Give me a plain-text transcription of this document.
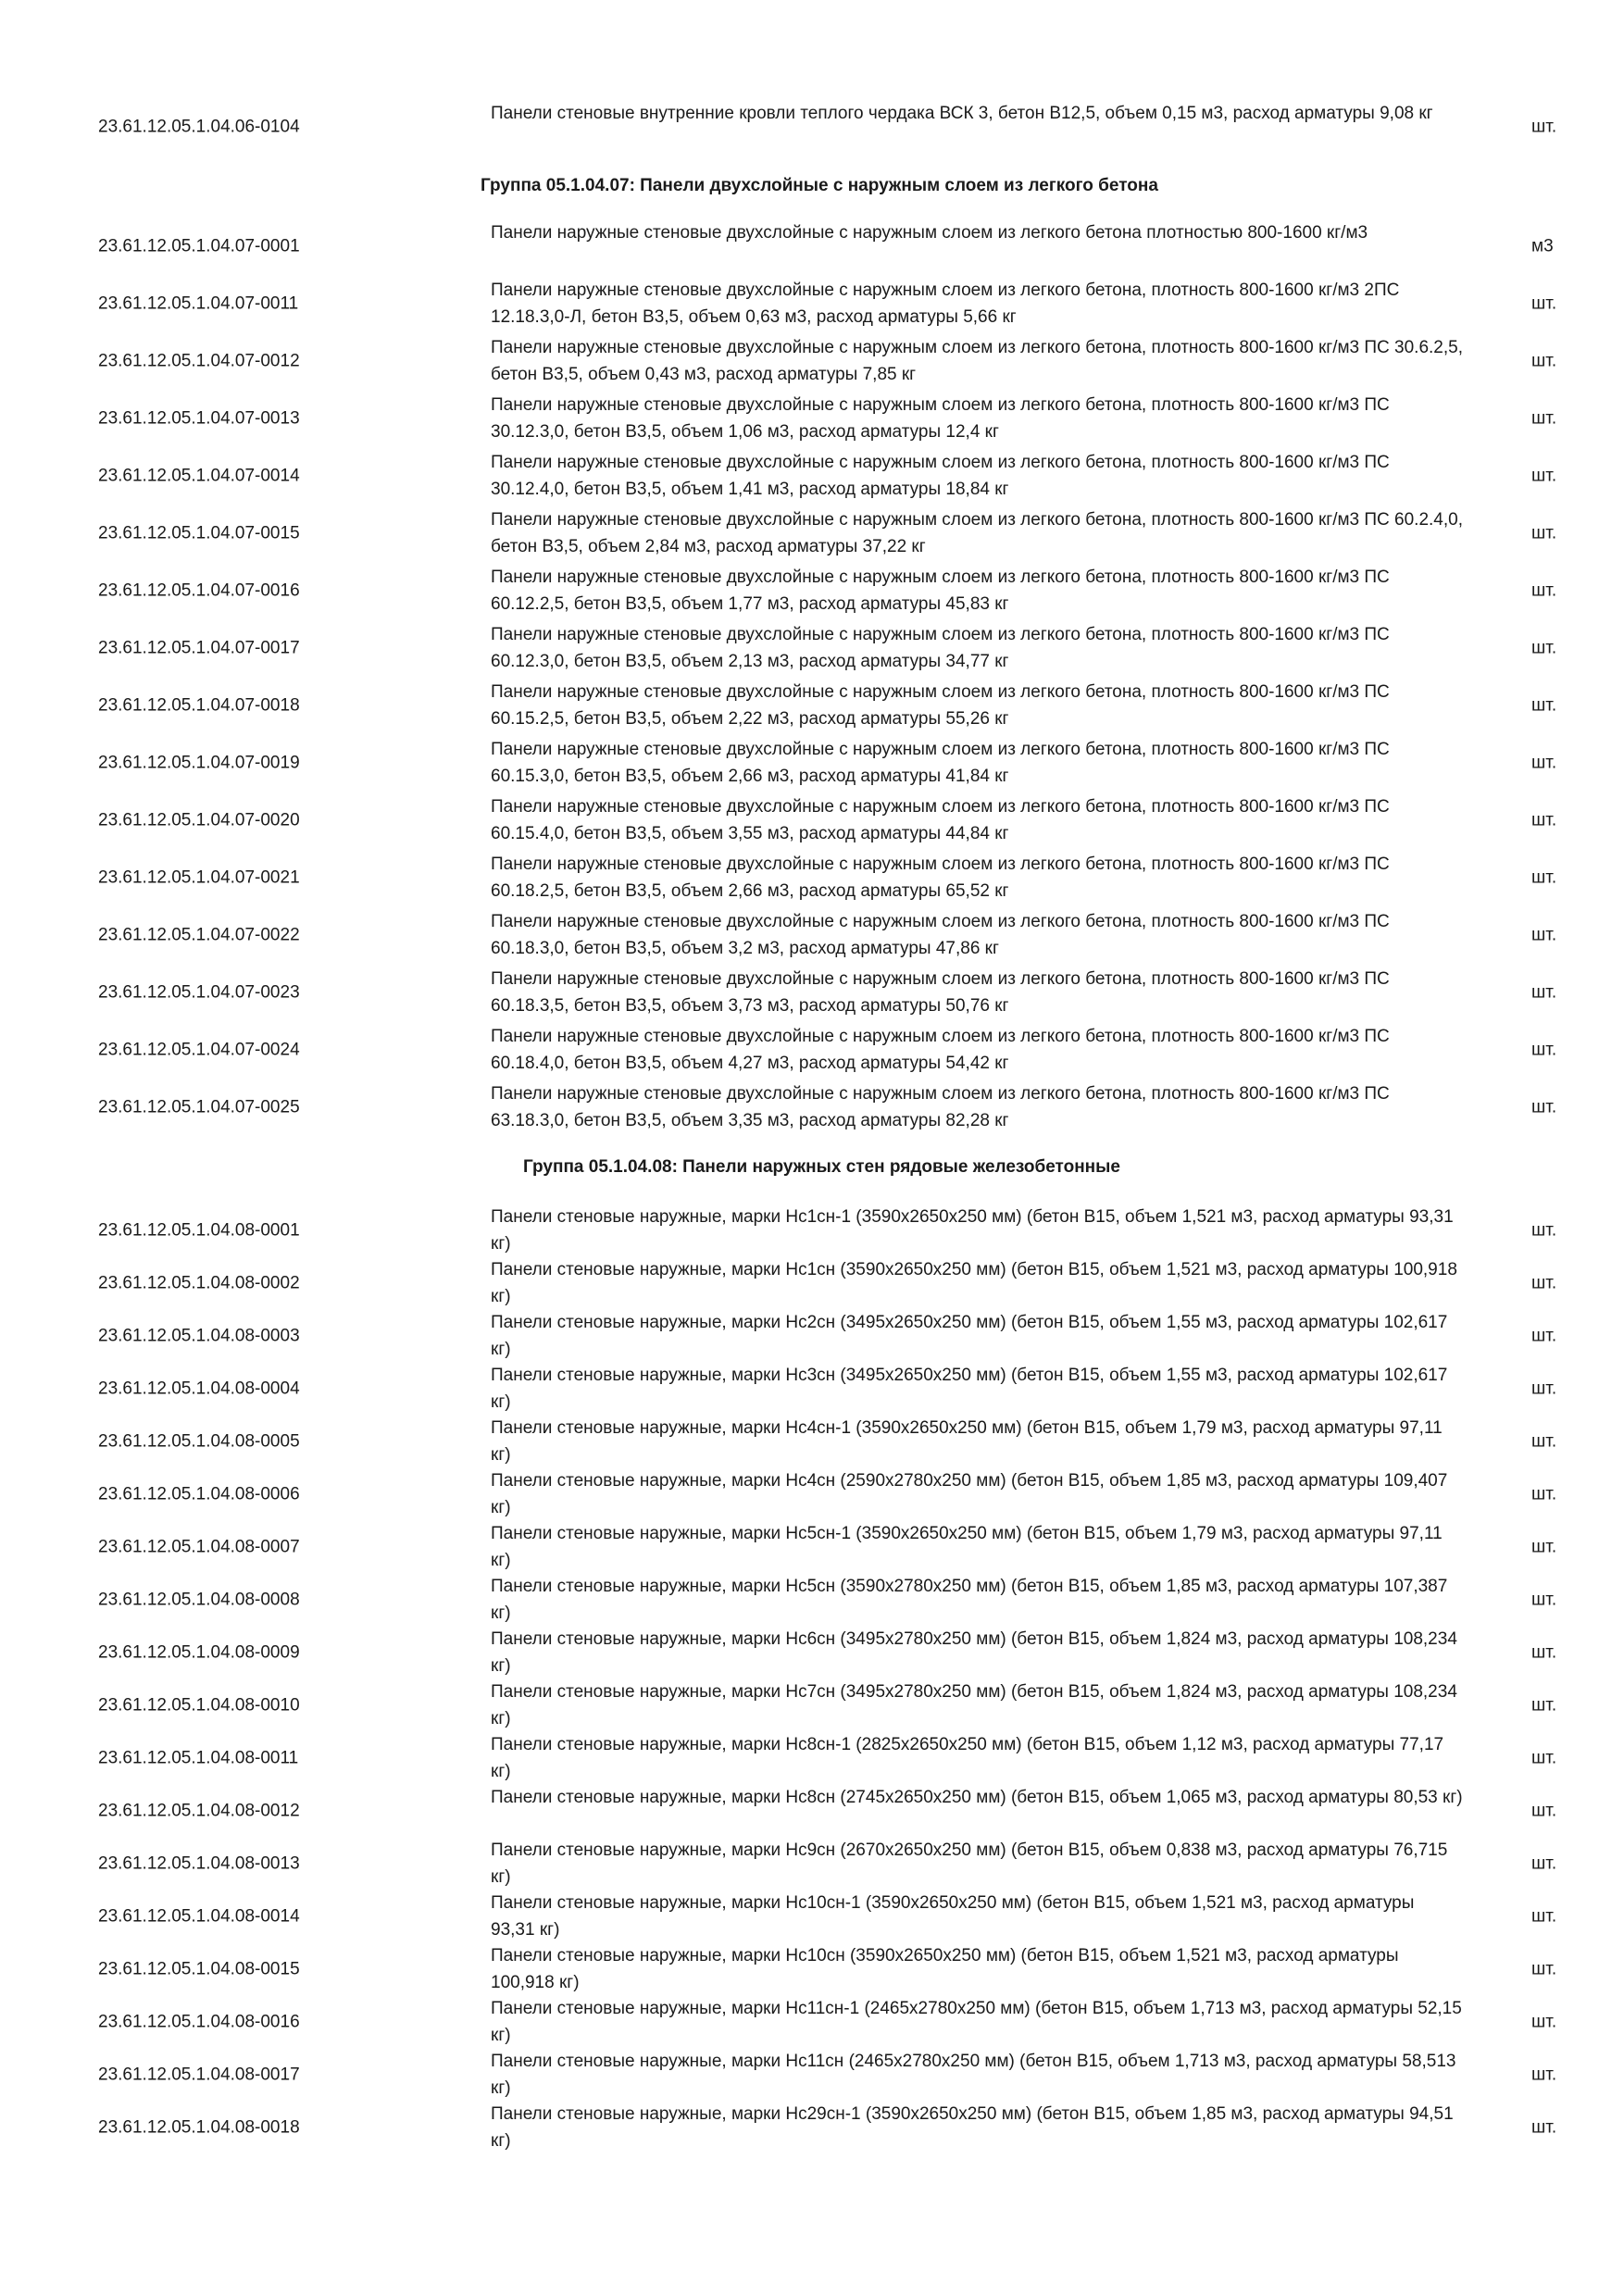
23.61.12.05.1.04.06-0104
Панели стеновые внутренние кровли теплого чердака ВСК 3, бетон В12,5, объем 0,15 м3, расход арматуры 9,08 кг
шт.
Группа 05.1.04.07: Панели двухслойные с наружным слоем из легкого бетона
23.61.12.05.1.04.07-0001
Панели наружные стеновые двухслойные с наружным слоем из легкого бетона плотностью 800-1600 кг/м3
м3
23.61.12.05.1.04.07-0011
Панели наружные стеновые двухслойные с наружным слоем из легкого бетона, плотность 800-1600 кг/м3 2ПС 12.18.3,0-Л, бетон В3,5, объем 0,63 м3, расход арматуры 5,66 кг
шт.
23.61.12.05.1.04.07-0012
Панели наружные стеновые двухслойные с наружным слоем из легкого бетона, плотность 800-1600 кг/м3 ПС 30.6.2,5, бетон В3,5, объем 0,43 м3, расход арматуры 7,85 кг
шт.
23.61.12.05.1.04.07-0013
Панели наружные стеновые двухслойные с наружным слоем из легкого бетона, плотность 800-1600 кг/м3 ПС 30.12.3,0, бетон В3,5, объем 1,06 м3, расход арматуры 12,4 кг
шт.
23.61.12.05.1.04.07-0014
Панели наружные стеновые двухслойные с наружным слоем из легкого бетона, плотность 800-1600 кг/м3 ПС 30.12.4,0, бетон В3,5, объем 1,41 м3, расход арматуры 18,84 кг
шт.
23.61.12.05.1.04.07-0015
Панели наружные стеновые двухслойные с наружным слоем из легкого бетона, плотность 800-1600 кг/м3 ПС 60.2.4,0, бетон В3,5, объем 2,84 м3, расход арматуры 37,22 кг
шт.
23.61.12.05.1.04.07-0016
Панели наружные стеновые двухслойные с наружным слоем из легкого бетона, плотность 800-1600 кг/м3 ПС 60.12.2,5, бетон В3,5, объем 1,77 м3, расход арматуры 45,83 кг
шт.
23.61.12.05.1.04.07-0017
Панели наружные стеновые двухслойные с наружным слоем из легкого бетона, плотность 800-1600 кг/м3 ПС 60.12.3,0, бетон В3,5, объем 2,13 м3, расход арматуры 34,77 кг
шт.
23.61.12.05.1.04.07-0018
Панели наружные стеновые двухслойные с наружным слоем из легкого бетона, плотность 800-1600 кг/м3 ПС 60.15.2,5, бетон В3,5, объем 2,22 м3, расход арматуры 55,26 кг
шт.
23.61.12.05.1.04.07-0019
Панели наружные стеновые двухслойные с наружным слоем из легкого бетона, плотность 800-1600 кг/м3 ПС 60.15.3,0, бетон В3,5, объем 2,66 м3, расход арматуры 41,84 кг
шт.
23.61.12.05.1.04.07-0020
Панели наружные стеновые двухслойные с наружным слоем из легкого бетона, плотность 800-1600 кг/м3 ПС 60.15.4,0, бетон В3,5, объем 3,55 м3, расход арматуры 44,84 кг
шт.
23.61.12.05.1.04.07-0021
Панели наружные стеновые двухслойные с наружным слоем из легкого бетона, плотность 800-1600 кг/м3 ПС 60.18.2,5, бетон В3,5, объем 2,66 м3, расход арматуры 65,52 кг
шт.
23.61.12.05.1.04.07-0022
Панели наружные стеновые двухслойные с наружным слоем из легкого бетона, плотность 800-1600 кг/м3 ПС 60.18.3,0, бетон В3,5, объем 3,2 м3, расход арматуры 47,86 кг
шт.
23.61.12.05.1.04.07-0023
Панели наружные стеновые двухслойные с наружным слоем из легкого бетона, плотность 800-1600 кг/м3 ПС 60.18.3,5, бетон В3,5, объем 3,73 м3, расход арматуры 50,76 кг
шт.
23.61.12.05.1.04.07-0024
Панели наружные стеновые двухслойные с наружным слоем из легкого бетона, плотность 800-1600 кг/м3 ПС 60.18.4,0, бетон В3,5, объем 4,27 м3, расход арматуры 54,42 кг
шт.
23.61.12.05.1.04.07-0025
Панели наружные стеновые двухслойные с наружным слоем из легкого бетона, плотность 800-1600 кг/м3 ПС 63.18.3,0, бетон В3,5, объем 3,35 м3, расход арматуры 82,28 кг
шт.
Группа 05.1.04.08: Панели наружных стен рядовые железобетонные
23.61.12.05.1.04.08-0001
Панели стеновые наружные, марки Нс1сн-1 (3590х2650х250 мм) (бетон В15, объем 1,521 м3, расход арматуры 93,31 кг)
шт.
23.61.12.05.1.04.08-0002
Панели стеновые наружные, марки Нс1сн (3590х2650х250 мм) (бетон В15, объем 1,521 м3, расход арматуры 100,918 кг)
шт.
23.61.12.05.1.04.08-0003
Панели стеновые наружные, марки Нс2сн (3495х2650х250 мм) (бетон В15, объем 1,55 м3, расход арматуры 102,617 кг)
шт.
23.61.12.05.1.04.08-0004
Панели стеновые наружные, марки Нс3сн (3495х2650х250 мм) (бетон В15, объем 1,55 м3, расход арматуры 102,617 кг)
шт.
23.61.12.05.1.04.08-0005
Панели стеновые наружные, марки Нс4сн-1 (3590х2650х250 мм) (бетон В15, объем 1,79 м3, расход арматуры 97,11 кг)
шт.
23.61.12.05.1.04.08-0006
Панели стеновые наружные, марки Нс4сн (2590х2780х250 мм) (бетон В15, объем 1,85 м3, расход арматуры 109,407 кг)
шт.
23.61.12.05.1.04.08-0007
Панели стеновые наружные, марки Нс5сн-1 (3590х2650х250 мм) (бетон В15, объем 1,79 м3, расход арматуры 97,11 кг)
шт.
23.61.12.05.1.04.08-0008
Панели стеновые наружные, марки Нс5сн (3590х2780х250 мм) (бетон В15, объем 1,85 м3, расход арматуры 107,387 кг)
шт.
23.61.12.05.1.04.08-0009
Панели стеновые наружные, марки Нс6сн (3495х2780х250 мм) (бетон В15, объем 1,824 м3, расход арматуры 108,234 кг)
шт.
23.61.12.05.1.04.08-0010
Панели стеновые наружные, марки Нс7сн (3495х2780х250 мм) (бетон В15, объем 1,824 м3, расход арматуры 108,234 кг)
шт.
23.61.12.05.1.04.08-0011
Панели стеновые наружные, марки Нс8сн-1 (2825х2650х250 мм) (бетон В15, объем 1,12 м3, расход арматуры 77,17 кг)
шт.
23.61.12.05.1.04.08-0012
Панели стеновые наружные, марки Нс8сн (2745х2650х250 мм) (бетон В15, объем 1,065 м3, расход арматуры 80,53 кг)
шт.
23.61.12.05.1.04.08-0013
Панели стеновые наружные, марки Нс9сн (2670х2650х250 мм) (бетон В15, объем 0,838 м3, расход арматуры 76,715 кг)
шт.
23.61.12.05.1.04.08-0014
Панели стеновые наружные, марки Нс10сн-1 (3590х2650х250 мм) (бетон В15, объем 1,521 м3, расход арматуры 93,31 кг)
шт.
23.61.12.05.1.04.08-0015
Панели стеновые наружные, марки Нс10сн (3590х2650х250 мм) (бетон В15, объем 1,521 м3, расход арматуры 100,918 кг)
шт.
23.61.12.05.1.04.08-0016
Панели стеновые наружные, марки Нс11сн-1 (2465х2780х250 мм) (бетон В15, объем 1,713 м3, расход арматуры 52,15 кг)
шт.
23.61.12.05.1.04.08-0017
Панели стеновые наружные, марки Нс11сн (2465х2780х250 мм) (бетон В15, объем 1,713 м3, расход арматуры 58,513 кг)
шт.
23.61.12.05.1.04.08-0018
Панели стеновые наружные, марки Нс29сн-1 (3590х2650х250 мм) (бетон В15, объем 1,85 м3, расход арматуры 94,51 кг)
шт.
